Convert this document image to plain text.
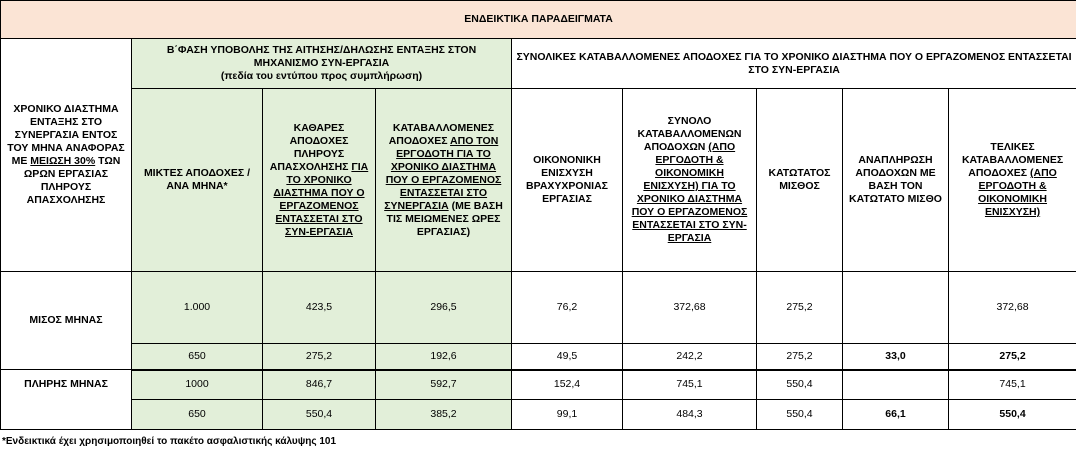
ΕΝΔΕΙΚΤΙΚΑ ΠΑΡΑΔΕΙΓΜΑΤΑ								
ΧΡΟΝΙΚΟ ΔΙΑΣΤΗΜΑ ΕΝΤΑΞΗΣ ΣΤΟ ΣΥΝΕΡΓΑΣΙΑ ΕΝΤΟΣ ΤΟΥ ΜΗΝΑ ΑΝΑΦΟΡΑΣ ΜΕ ΜΕΙΩΣΗ 30% ΤΩΝ ΩΡΩΝ ΕΡΓΑΣΙΑΣ ΠΛΗΡΟΥΣ ΑΠΑΣΧΟΛΗΣΗΣ	Β΄ΦΑΣΗ ΥΠΟΒΟΛΗΣ ΤΗΣ ΑΙΤΗΣΗΣ/ΔΗΛΩΣΗΣ ΕΝΤΑΞΗΣ ΣΤΟΝ ΜΗΧΑΝΙΣΜΟ ΣΥΝ-ΕΡΓΑΣΙΑ
(πεδία του εντύπου προς συμπλήρωση)			ΣΥΝΟΛΙΚΕΣ ΚΑΤΑΒΑΛΛΟΜΕΝΕΣ ΑΠΟΔΟΧΕΣ ΓΙΑ ΤΟ ΧΡΟΝΙΚΟ ΔΙΑΣΤΗΜΑ ΠΟΥ Ο ΕΡΓΑΖΟΜΕΝΟΣ ΕΝΤΑΣΣΕΤΑΙ ΣΤΟ ΣΥΝ-ΕΡΓΑΣΙΑ				
	ΜΙΚΤΕΣ ΑΠΟΔΟΧΕΣ /ΑΝΑ ΜΗΝΑ*	ΚΑΘΑΡΕΣ ΑΠΟΔΟΧΕΣ ΠΛΗΡΟΥΣ ΑΠΑΣΧΟΛΗΣΗΣ ΓΙΑ ΤΟ ΧΡΟΝΙΚΟ ΔΙΑΣΤΗΜΑ ΠΟΥ Ο ΕΡΓΑΖΟΜΕΝΟΣ ΕΝΤΑΣΣΕΤΑΙ ΣΤΟ ΣΥΝ-ΕΡΓΑΣΙΑ	ΚΑΤΑΒΑΛΛΟΜΕΝΕΣ ΑΠΟΔΟΧΕΣ ΑΠΟ ΤΟΝ ΕΡΓΟΔΟΤΗ ΓΙΑ ΤΟ ΧΡΟΝΙΚΟ ΔΙΑΣΤΗΜΑ ΠΟΥ Ο ΕΡΓΑΖΟΜΕΝΟΣ ΕΝΤΑΣΣΕΤΑΙ ΣΤΟ ΣΥΝΕΡΓΑΣΙΑ (ΜΕ ΒΑΣΗ ΤΙΣ ΜΕΙΩΜΕΝΕΣ ΩΡΕΣ ΕΡΓΑΣΙΑΣ)	ΟΙΚΟΝΟΝΙΚΗ ΕΝΙΣΧΥΣΗ ΒΡΑΧΥΧΡΟΝΙΑΣ ΕΡΓΑΣΙΑΣ	ΣΥΝΟΛΟ ΚΑΤΑΒΑΛΛΟΜΕΝΩΝ ΑΠΟΔΟΧΩΝ (ΑΠΟ ΕΡΓΟΔΟΤΗ & ΟΙΚΟΝΟΜΙΚΗ ΕΝΙΣΧΥΣΗ) ΓΙΑ ΤΟ ΧΡΟΝΙΚΟ ΔΙΑΣΤΗΜΑ ΠΟΥ Ο ΕΡΓΑΖΟΜΕΝΟΣ ΕΝΤΑΣΣΕΤΑΙ ΣΤΟ ΣΥΝ-ΕΡΓΑΣΙΑ	ΚΑΤΩΤΑΤΟΣ ΜΙΣΘΟΣ	ΑΝΑΠΛΗΡΩΣΗ ΑΠΟΔΟΧΩΝ ΜΕ ΒΑΣΗ ΤΟΝ ΚΑΤΩΤΑΤΟ ΜΙΣΘΟ	ΤΕΛΙΚΕΣ ΚΑΤΑΒΑΛΛΟΜΕΝΕΣ ΑΠΟΔΟΧΕΣ (ΑΠΟ ΕΡΓΟΔΟΤΗ & ΟΙΚΟΝΟΜΙΚΗ ΕΝΙΣΧΥΣΗ)
ΜΙΣΟΣ ΜΗΝΑΣ	1.000	423,5	296,5	76,2	372,68	275,2		372,68
	650	275,2	192,6	49,5	242,2	275,2	33,0	275,2
ΠΛΗΡΗΣ ΜΗΝΑΣ	1000	846,7	592,7	152,4	745,1	550,4		745,1
	650	550,4	385,2	99,1	484,3	550,4	66,1	550,4
*Ενδεικτικά έχει χρησιμοποιηθεί το πακέτο ασφαλιστικής κάλυψης 101
